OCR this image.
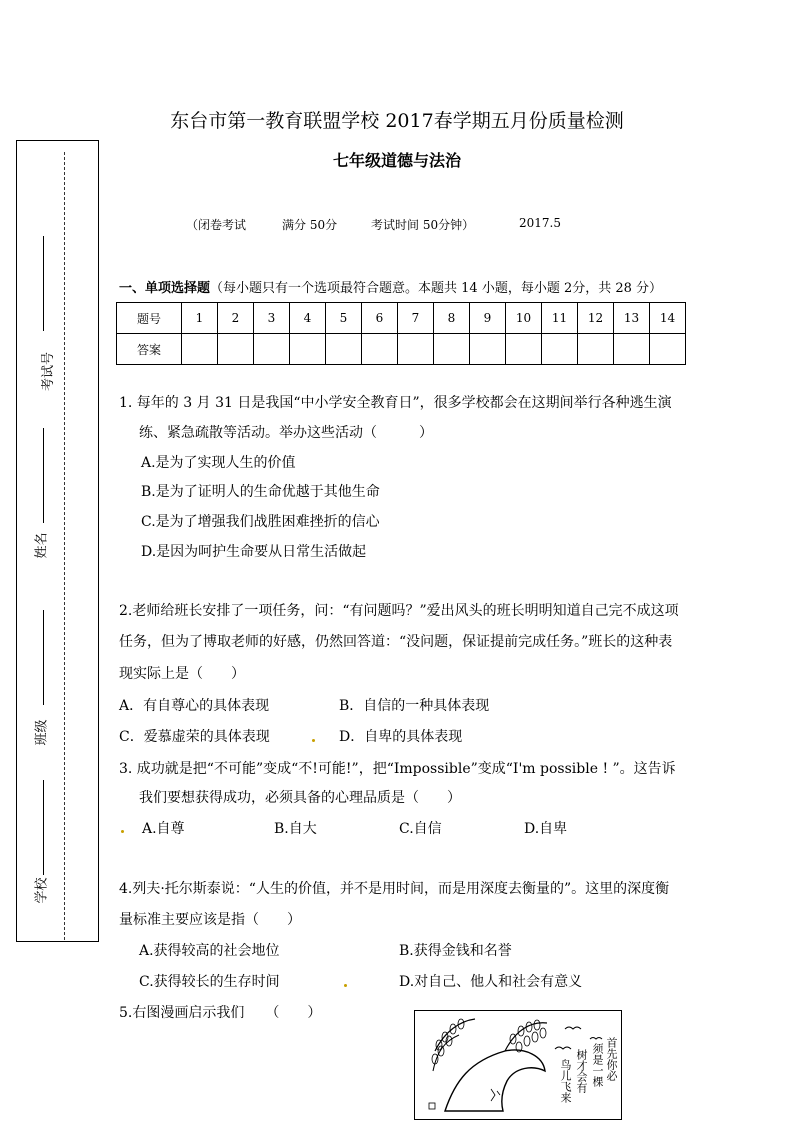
考试号
姓名
班级
学校
东台市第一教育联盟学校 2017春学期五月份质量检测
七年级道德与法治
（闭卷考试	满分 50分	考试时间 50分钟）	2017.5
一、单项选择题（每小题只有一个选项最符合题意。本题共 14 小题，每小题 2分，共 28 分）
题号	1	2	3	4	5	6	7	8	9	10	11	12	13	14
答案														
1. 每年的 3 月 31 日是我国“中小学安全教育日”，很多学校都会在这期间举行各种逃生演
练、紧急疏散等活动。举办这些活动（　　　）
A.是为了实现人生的价值
B.是为了证明人的生命优越于其他生命
C.是为了增强我们战胜困难挫折的信心
D.是因为呵护生命要从日常生活做起
2.老师给班长安排了一项任务，问：“有问题吗？”爱出风头的班长明明知道自己完不成这项
任务，但为了博取老师的好感，仍然回答道：“没问题，保证提前完成任务。”班长的这种表
现实际上是（　　）
A．有自尊心的具体表现	B．自信的一种具体表现
C．爱慕虚荣的具体表现	D．自卑的具体表现
3. 成功就是把“不可能”变成“不!可能!”，把“Impossible”变成“I'm possible ! ”。这告诉
我们要想获得成功，必须具备的心理品质是（　　）
A.自尊	B.自大	C.自信	D.自卑
4.列夫·托尔斯泰说：“人生的价值，并不是用时间，而是用深度去衡量的”。这里的深度衡
量标准主要应该是指（　　）
A.获得较高的社会地位	B.获得金钱和名誉
C.获得较长的生存时间	D.对自己、他人和社会有意义
5.右图漫画启示我们　　（　　）
首先你必
须是一棵
树才会有
鸟儿飞来
